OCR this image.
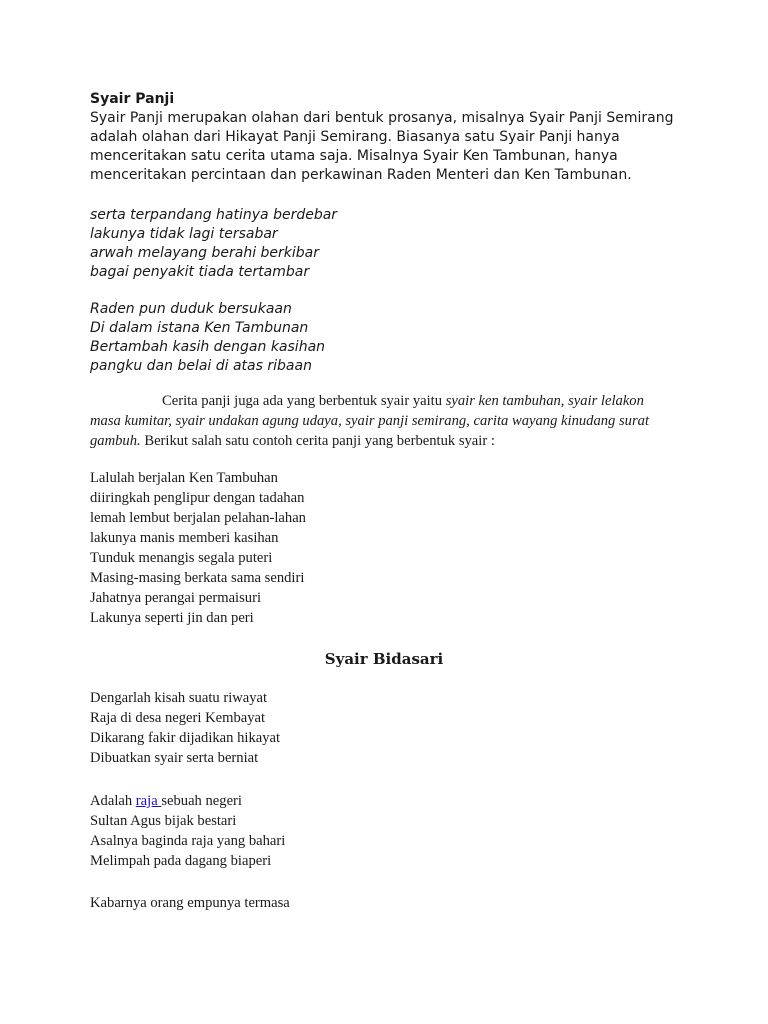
Syair Panji
Syair Panji merupakan olahan dari bentuk prosanya, misalnya Syair Panji Semirang
adalah olahan dari Hikayat Panji Semirang. Biasanya satu Syair Panji hanya
menceritakan satu cerita utama saja. Misalnya Syair Ken Tambunan, hanya
menceritakan percintaan dan perkawinan Raden Menteri dan Ken Tambunan.
serta terpandang hatinya berdebar
lakunya tidak lagi tersabar
arwah melayang berahi berkibar
bagai penyakit tiada tertambar
Raden pun duduk bersukaan
Di dalam istana Ken Tambunan
Bertambah kasih dengan kasihan
pangku dan belai di atas ribaan
Cerita panji juga ada yang berbentuk syair yaitu syair ken tambuhan, syair lelakon
masa kumitar, syair undakan agung udaya, syair panji semirang, carita wayang kinudang surat
gambuh. Berikut salah satu contoh cerita panji yang berbentuk syair :
Lalulah berjalan Ken Tambuhan
diiringkah penglipur dengan tadahan
lemah lembut berjalan pelahan-lahan
lakunya manis memberi kasihan
Tunduk menangis segala puteri
Masing-masing berkata sama sendiri
Jahatnya perangai permaisuri
Lakunya seperti jin dan peri
Syair Bidasari
Dengarlah kisah suatu riwayat
Raja di desa negeri Kembayat
Dikarang fakir dijadikan hikayat
Dibuatkan syair serta berniat
Adalah raja sebuah negeri
Sultan Agus bijak bestari
Asalnya baginda raja yang bahari
Melimpah pada dagang biaperi
Kabarnya orang empunya termasa
